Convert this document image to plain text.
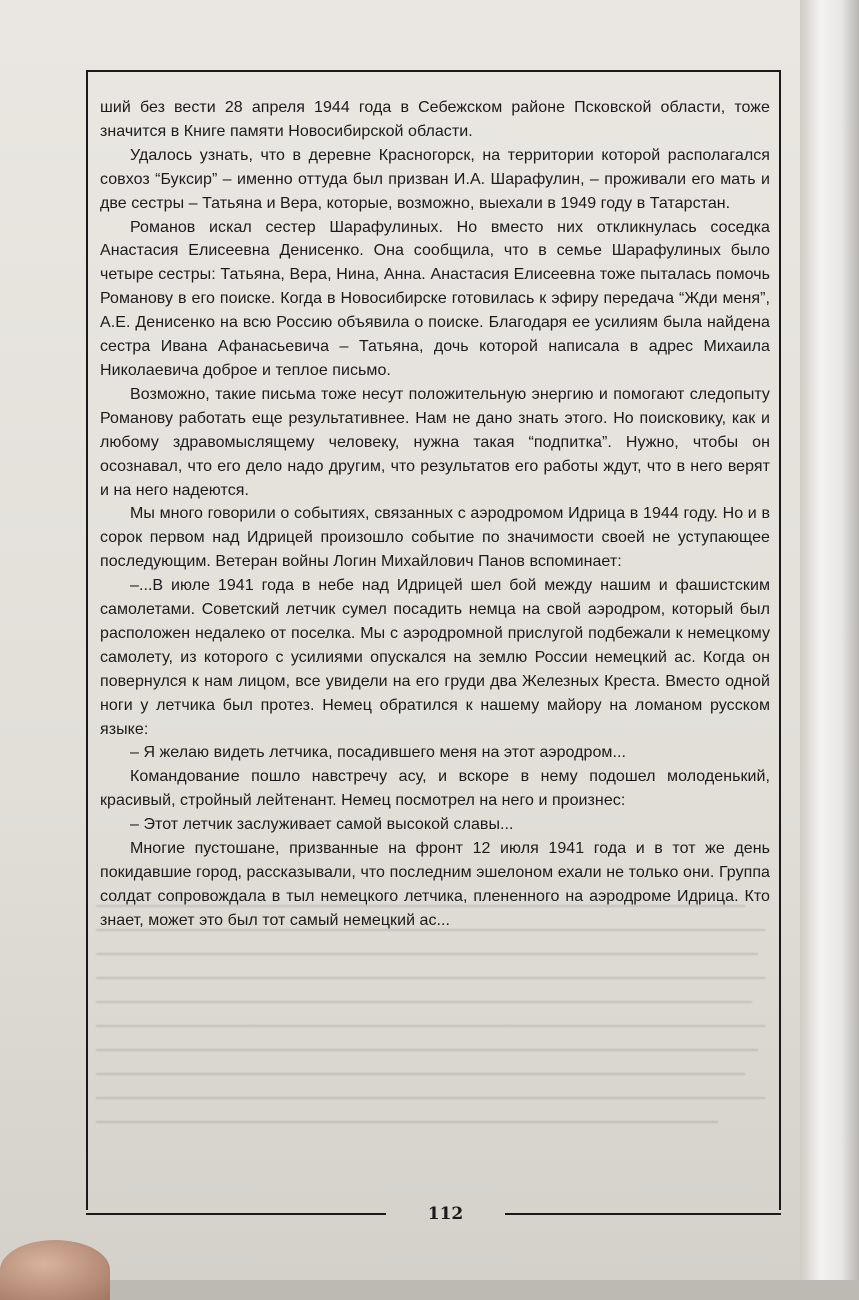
ший без вести 28 апреля 1944 года в Себежском районе Псковской области, тоже значится в Книге памяти Новосибирской области.

Удалось узнать, что в деревне Красногорск, на территории которой располагался совхоз “Буксир” – именно оттуда был призван И.А. Шарафулин, – проживали его мать и две сестры – Татьяна и Вера, которые, возможно, выехали в 1949 году в Татарстан.

Романов искал сестер Шарафулиных. Но вместо них откликнулась соседка Анастасия Елисеевна Денисенко. Она сообщила, что в семье Шарафулиных было четыре сестры: Татьяна, Вера, Нина, Анна. Анастасия Елисеевна тоже пыталась помочь Романову в его поиске. Когда в Новосибирске готовилась к эфиру передача “Жди меня”, А.Е. Денисенко на всю Россию объявила о поиске. Благодаря ее усилиям была найдена сестра Ивана Афанасьевича – Татьяна, дочь которой написала в адрес Михаила Николаевича доброе и теплое письмо.

Возможно, такие письма тоже несут положительную энергию и помогают следопыту Романову работать еще результативнее. Нам не дано знать этого. Но поисковику, как и любому здравомыслящему человеку, нужна такая “подпитка”. Нужно, чтобы он осознавал, что его дело надо другим, что результатов его работы ждут, что в него верят и на него надеются.

Мы много говорили о событиях, связанных с аэродромом Идрица в 1944 году. Но и в сорок первом над Идрицей произошло событие по значимости своей не уступающее последующим. Ветеран войны Логин Михайлович Панов вспоминает:

–...В июле 1941 года в небе над Идрицей шел бой между нашим и фашистским самолетами. Советский летчик сумел посадить немца на свой аэродром, который был расположен недалеко от поселка. Мы с аэродромной прислугой подбежали к немецкому самолету, из которого с усилиями опускался на землю России немецкий ас. Когда он повернулся к нам лицом, все увидели на его груди два Железных Креста. Вместо одной ноги у летчика был протез. Немец обратился к нашему майору на ломаном русском языке:

– Я желаю видеть летчика, посадившего меня на этот аэродром...

Командование пошло навстречу асу, и вскоре в нему подошел молоденький, красивый, стройный лейтенант. Немец посмотрел на него и произнес:

– Этот летчик заслуживает самой высокой славы...

Многие пустошане, призванные на фронт 12 июля 1941 года и в тот же день покидавшие город, рассказывали, что последним эшелоном ехали не только они. Группа солдат сопровождала в тыл немецкого летчика, плененного на аэродроме Идрица. Кто знает, может это был тот самый немецкий ас...

112
